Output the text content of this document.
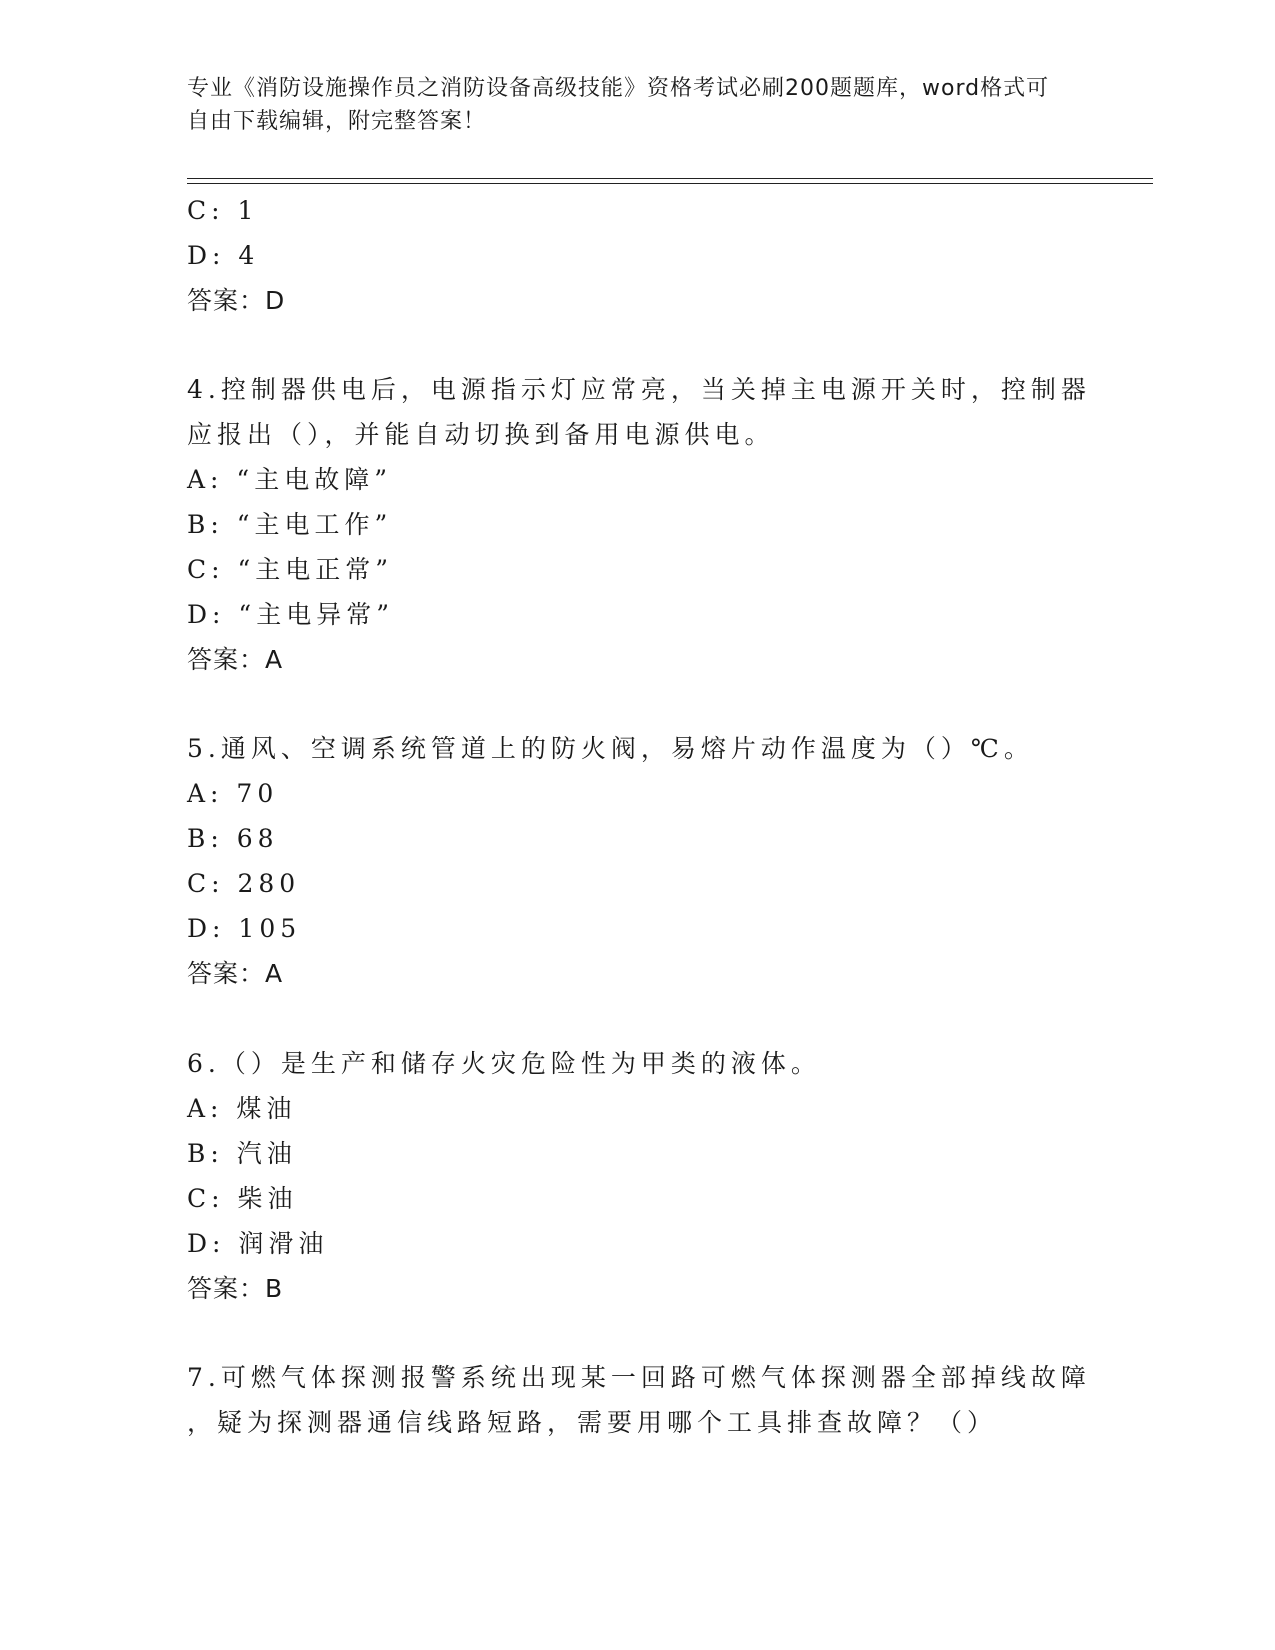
专业《消防设施操作员之消防设备高级技能》资格考试必刷200题题库，word格式可自由下载编辑，附完整答案！
C: 1
D: 4
答案：D
4.控制器供电后，电源指示灯应常亮，当关掉主电源开关时，控制器
应报出（），并能自动切换到备用电源供电。
A: “主电故障”
B: “主电工作”
C: “主电正常”
D: “主电异常”
答案：A
5.通风、空调系统管道上的防火阀，易熔片动作温度为（）℃。
A: 70
B: 68
C: 280
D: 105
答案：A
6.（）是生产和储存火灾危险性为甲类的液体。
A: 煤油
B: 汽油
C: 柴油
D: 润滑油
答案：B
7.可燃气体探测报警系统出现某一回路可燃气体探测器全部掉线故障
，疑为探测器通信线路短路，需要用哪个工具排查故障？（）
